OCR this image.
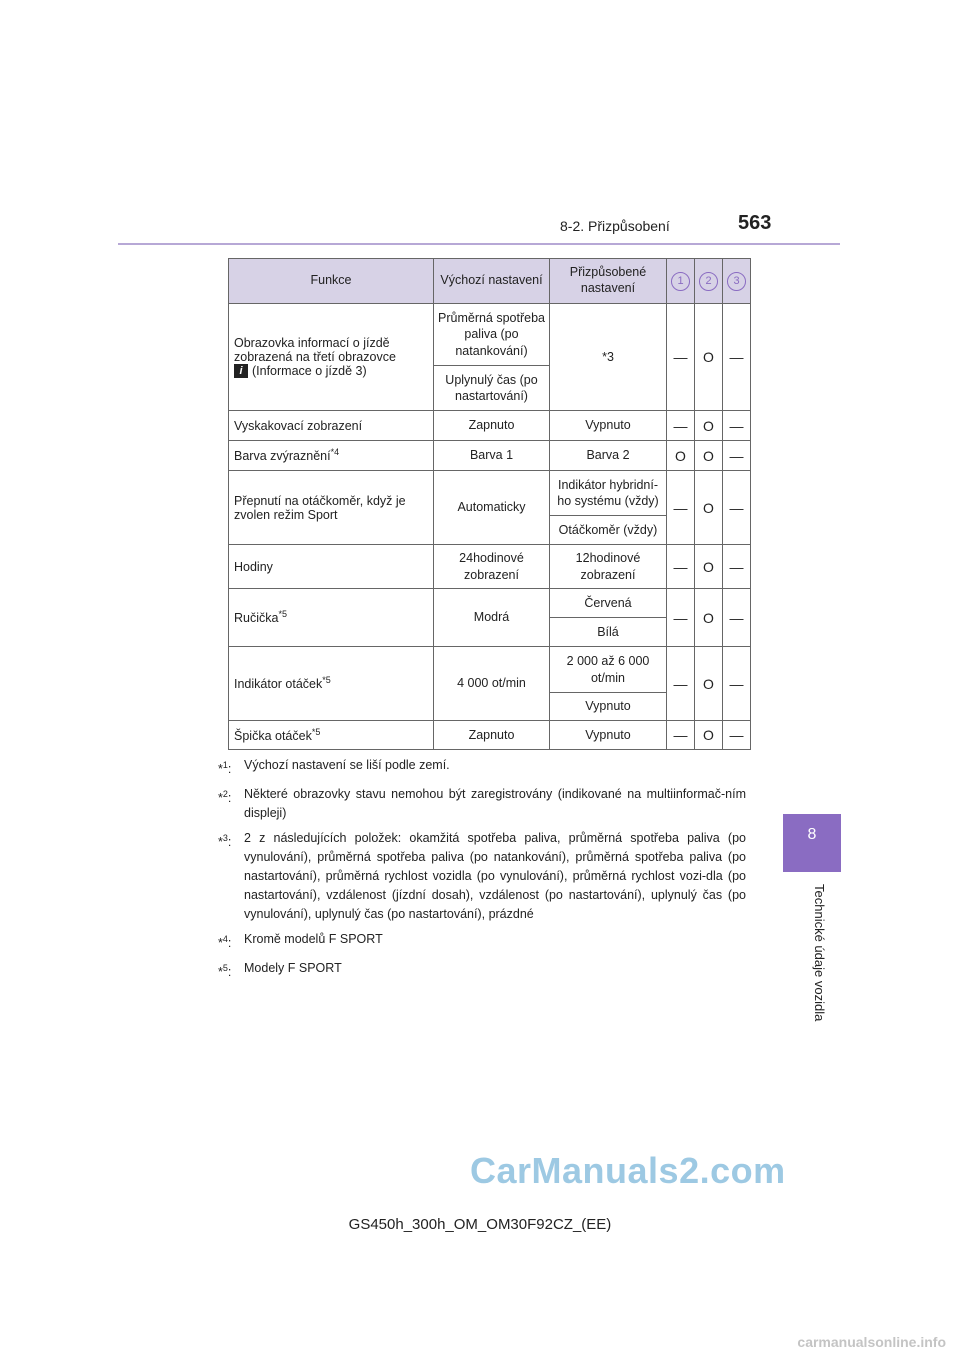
8-2. Přizpůsobení	563
8
Technické údaje vozidla
Funkce	Výchozí nastavení	Přizpůsobené nastavení	1	2	3
Obrazovka informací o jízdě zobrazená na třetí obrazovce
i (Informace o jízdě 3)	Průměrná spotřeba paliva (po natankování)	*3	—	O	—
	Uplynulý čas (po nastartování)				
Vyskakovací zobrazení	Zapnuto	Vypnuto	—	O	—
Barva zvýraznění$^{*4}$	Barva 1	Barva 2	O	O	—
Přepnutí na otáčkoměr, když je zvolen režim Sport	Automaticky	Indikátor hybridní-ho systému (vždy)	—	O	—
		Otáčkoměr (vždy)			
Hodiny	24hodinové zobrazení	12hodinové zobrazení	—	O	—
Ručička$^{*5}$	Modrá	Červená	—	O	—
		Bílá			
Indikátor otáček$^{*5}$	4 000 ot/min	2 000 až 6 000 ot/min	—	O	—
		Vypnuto			
Špička otáček$^{*5}$	Zapnuto	Vypnuto	—	O	—
*$^1$:	Výchozí nastavení se liší podle zemí.
*$^2$:	Některé obrazovky stavu nemohou být zaregistrovány (indikované na multiinformač-ním displeji)
*$^3$:	2 z následujících položek: okamžitá spotřeba paliva, průměrná spotřeba paliva (po vynulování), průměrná spotřeba paliva (po natankování), průměrná spotřeba paliva (po nastartování), průměrná rychlost vozidla (po vynulování), průměrná rychlost vozi-dla (po nastartování), vzdálenost (jízdní dosah), vzdálenost (po nastartování), uplynulý čas (po vynulování), uplynulý čas (po nastartování), prázdné
*$^4$:	Kromě modelů F SPORT
*$^5$:	Modely F SPORT
CarManuals2.com
GS450h_300h_OM_OM30F92CZ_(EE)
carmanualsonline.info
